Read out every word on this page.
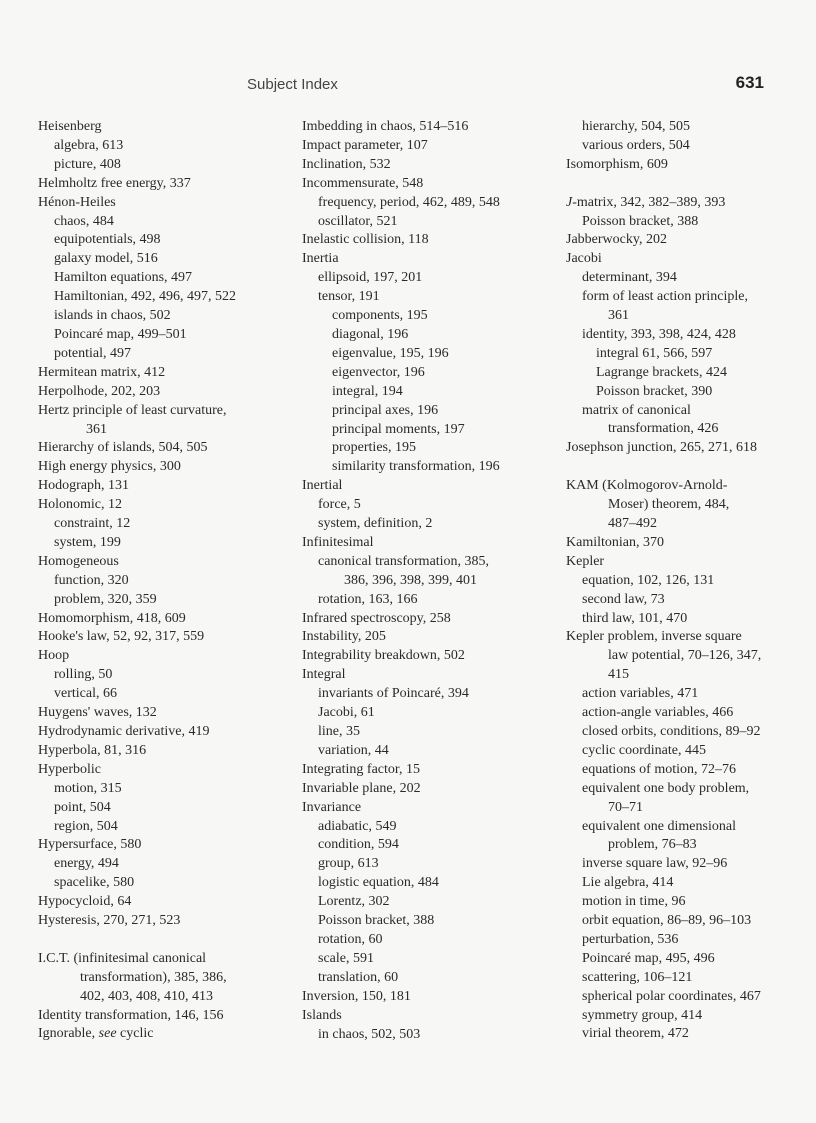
Subject Index	631
Heisenberg
algebra, 613
picture, 408
Helmholtz free energy, 337
Hénon-Heiles
chaos, 484
equipotentials, 498
galaxy model, 516
Hamilton equations, 497
Hamiltonian, 492, 496, 497, 522
islands in chaos, 502
Poincaré map, 499–501
potential, 497
Hermitean matrix, 412
Herpolhode, 202, 203
Hertz principle of least curvature,
361
Hierarchy of islands, 504, 505
High energy physics, 300
Hodograph, 131
Holonomic, 12
constraint, 12
system, 199
Homogeneous
function, 320
problem, 320, 359
Homomorphism, 418, 609
Hooke's law, 52, 92, 317, 559
Hoop
rolling, 50
vertical, 66
Huygens' waves, 132
Hydrodynamic derivative, 419
Hyperbola, 81, 316
Hyperbolic
motion, 315
point, 504
region, 504
Hypersurface, 580
energy, 494
spacelike, 580
Hypocycloid, 64
Hysteresis, 270, 271, 523
I.C.T. (infinitesimal canonical
transformation), 385, 386,
402, 403, 408, 410, 413
Identity transformation, 146, 156
Ignorable, see cyclic
Imbedding in chaos, 514–516
Impact parameter, 107
Inclination, 532
Incommensurate, 548
frequency, period, 462, 489, 548
oscillator, 521
Inelastic collision, 118
Inertia
ellipsoid, 197, 201
tensor, 191
components, 195
diagonal, 196
eigenvalue, 195, 196
eigenvector, 196
integral, 194
principal axes, 196
principal moments, 197
properties, 195
similarity transformation, 196
Inertial
force, 5
system, definition, 2
Infinitesimal
canonical transformation, 385,
386, 396, 398, 399, 401
rotation, 163, 166
Infrared spectroscopy, 258
Instability, 205
Integrability breakdown, 502
Integral
invariants of Poincaré, 394
Jacobi, 61
line, 35
variation, 44
Integrating factor, 15
Invariable plane, 202
Invariance
adiabatic, 549
condition, 594
group, 613
logistic equation, 484
Lorentz, 302
Poisson bracket, 388
rotation, 60
scale, 591
translation, 60
Inversion, 150, 181
Islands
in chaos, 502, 503
hierarchy, 504, 505
various orders, 504
Isomorphism, 609
J-matrix, 342, 382–389, 393
Poisson bracket, 388
Jabberwocky, 202
Jacobi
determinant, 394
form of least action principle,
361
identity, 393, 398, 424, 428
integral 61, 566, 597
Lagrange brackets, 424
Poisson bracket, 390
matrix of canonical
transformation, 426
Josephson junction, 265, 271, 618
KAM (Kolmogorov-Arnold-
Moser) theorem, 484,
487–492
Kamiltonian, 370
Kepler
equation, 102, 126, 131
second law, 73
third law, 101, 470
Kepler problem, inverse square
law potential, 70–126, 347,
415
action variables, 471
action-angle variables, 466
closed orbits, conditions, 89–92
cyclic coordinate, 445
equations of motion, 72–76
equivalent one body problem,
70–71
equivalent one dimensional
problem, 76–83
inverse square law, 92–96
Lie algebra, 414
motion in time, 96
orbit equation, 86–89, 96–103
perturbation, 536
Poincaré map, 495, 496
scattering, 106–121
spherical polar coordinates, 467
symmetry group, 414
virial theorem, 472
